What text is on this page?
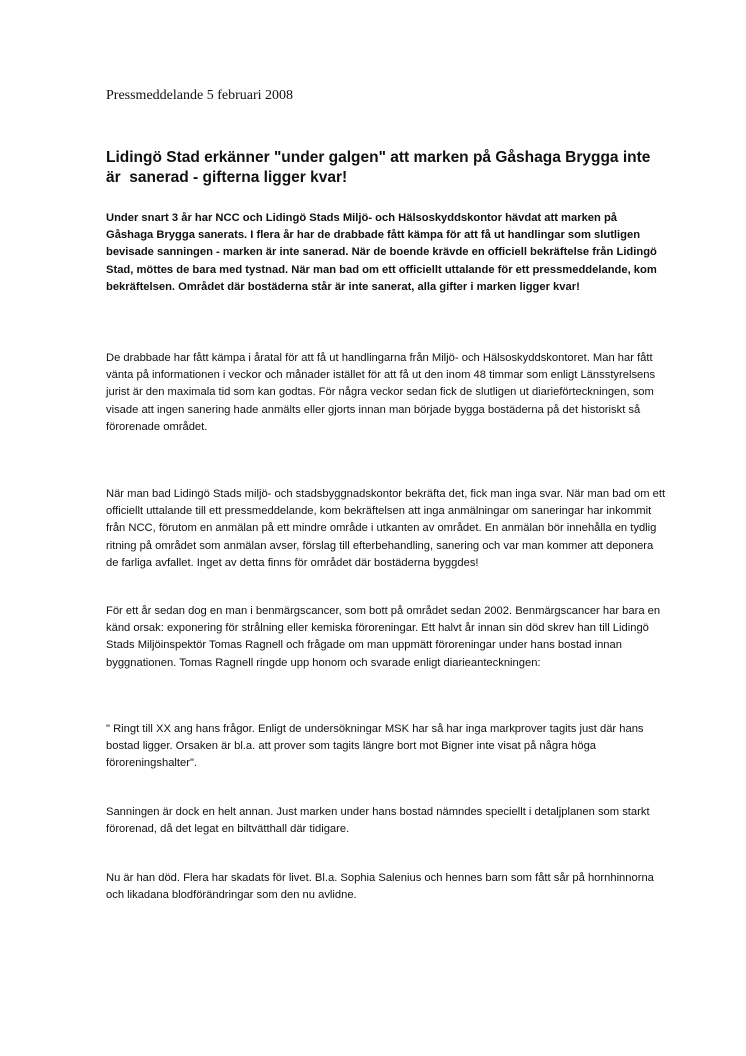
Pressmeddelande 5 februari 2008
Lidingö Stad erkänner "under galgen" att marken på Gåshaga Brygga inte
är  sanerad - gifterna ligger kvar!
Under snart 3 år har NCC och Lidingö Stads Miljö- och Hälsoskyddskontor hävdat att marken på Gåshaga Brygga sanerats. I flera år har de drabbade fått kämpa för att få ut handlingar som slutligen bevisade sanningen - marken är inte sanerad. När de boende krävde en officiell bekräftelse från Lidingö Stad, möttes de bara med tystnad. När man bad om ett officiellt uttalande för ett pressmeddelande, kom bekräftelsen. Området där bostäderna står är inte sanerat, alla gifter i marken ligger kvar!
De drabbade har fått kämpa i åratal för att få ut handlingarna från Miljö- och Hälsoskyddskontoret. Man har fått vänta på informationen i veckor och månader istället för att få ut den inom 48 timmar som enligt Länsstyrelsens jurist är den maximala tid som kan godtas. För några veckor sedan fick de slutligen ut diarieförteckningen, som visade att ingen sanering hade anmälts eller gjorts innan man började bygga bostäderna på det historiskt så förorenade området.
När man bad Lidingö Stads miljö- och stadsbyggnadskontor bekräfta det, fick man inga svar. När man bad om ett officiellt uttalande till ett pressmeddelande, kom bekräftelsen att inga anmälningar om saneringar har inkommit från NCC, förutom en anmälan på ett mindre område i utkanten av området. En anmälan bör innehålla en tydlig ritning på området som anmälan avser, förslag till efterbehandling, sanering och var man kommer att deponera de farliga avfallet. Inget av detta finns för området där bostäderna byggdes!
För ett år sedan dog en man i benmärgscancer, som bott på området sedan 2002. Benmärgscancer har bara en känd orsak: exponering för strålning eller kemiska föroreningar. Ett halvt år innan sin död skrev han till Lidingö Stads Miljöinspektör Tomas Ragnell och frågade om man uppmätt föroreningar under hans bostad innan byggnationen. Tomas Ragnell ringde upp honom och svarade enligt diarieanteckningen:
" Ringt till XX ang hans frågor. Enligt de undersökningar MSK har så har inga markprover tagits just där hans bostad ligger. Orsaken är bl.a. att prover som tagits längre bort mot Bigner inte visat på några höga föroreningshalter".
Sanningen är dock en helt annan. Just marken under hans bostad nämndes speciellt i detaljplanen som starkt förorenad, då det legat en biltvätthall där tidigare.
Nu är han död. Flera har skadats för livet. Bl.a. Sophia Salenius och hennes barn som fått sår på hornhinnorna och likadana blodförändringar som den nu avlidne.
